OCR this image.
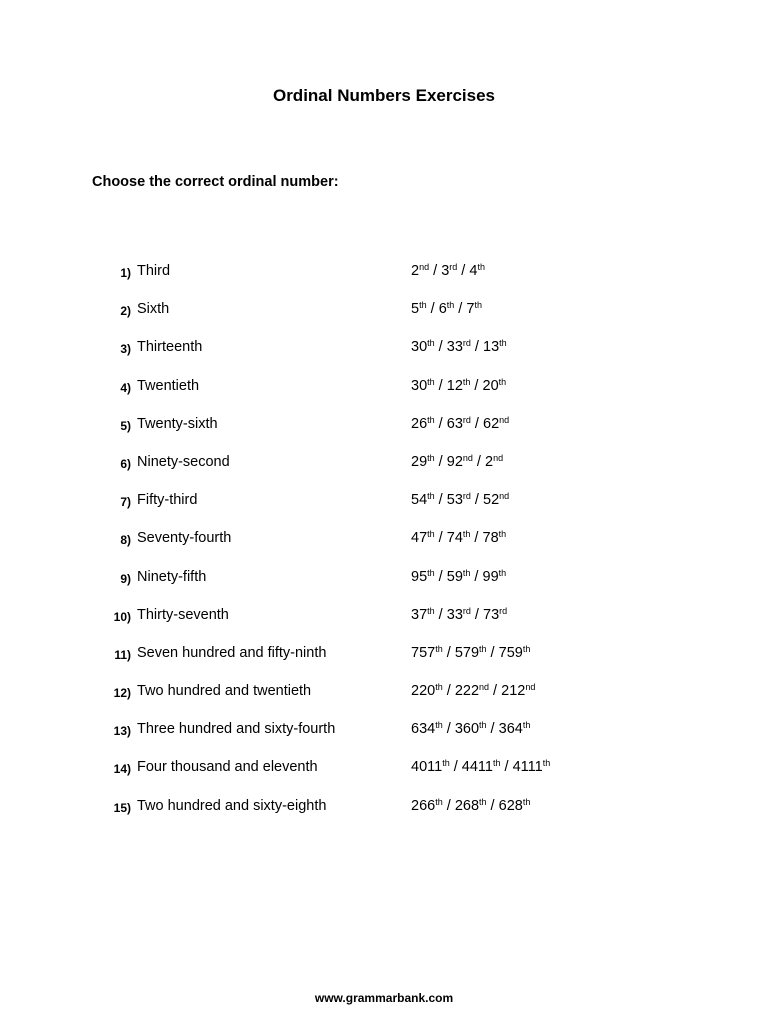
Ordinal Numbers Exercises
Choose the correct ordinal number:
1) Third	2nd / 3rd / 4th
2) Sixth	5th / 6th / 7th
3) Thirteenth	30th / 33rd / 13th
4) Twentieth	30th / 12th / 20th
5) Twenty-sixth	26th / 63rd / 62nd
6) Ninety-second	29th / 92nd / 2nd
7) Fifty-third	54th / 53rd / 52nd
8) Seventy-fourth	47th / 74th / 78th
9) Ninety-fifth	95th / 59th / 99th
10) Thirty-seventh	37th / 33rd / 73rd
11) Seven hundred and fifty-ninth	757th / 579th / 759th
12) Two hundred and twentieth	220th / 222nd / 212nd
13) Three hundred and sixty-fourth	634th / 360th / 364th
14) Four thousand and eleventh	4011th / 4411th / 4111th
15) Two hundred and sixty-eighth	266th / 268th / 628th
www.grammarbank.com
